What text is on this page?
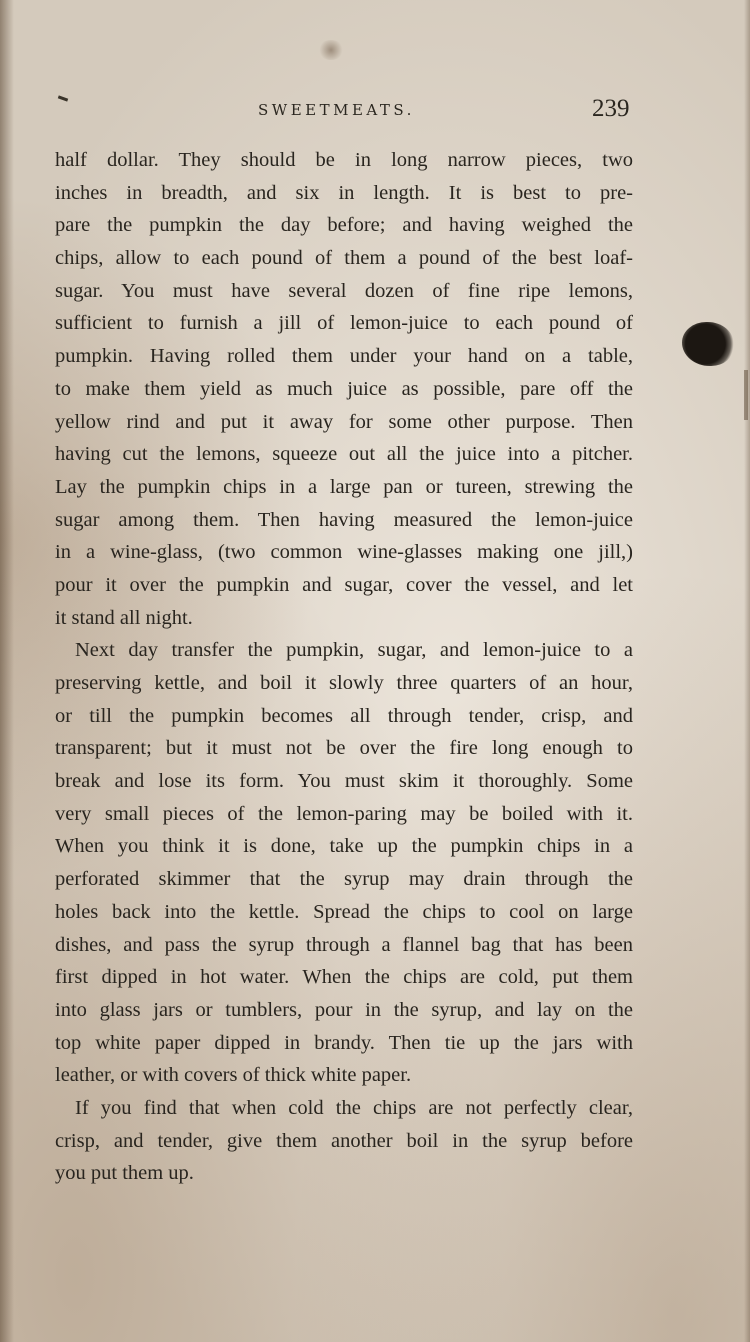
SWEETMEATS.	239

half dollar. They should be in long narrow pieces, two
inches in breadth, and six in length. It is best to pre-
pare the pumpkin the day before; and having weighed the
chips, allow to each pound of them a pound of the best loaf-
sugar. You must have several dozen of fine ripe lemons,
sufficient to furnish a jill of lemon-juice to each pound of
pumpkin. Having rolled them under your hand on a table,
to make them yield as much juice as possible, pare off the
yellow rind and put it away for some other purpose. Then
having cut the lemons, squeeze out all the juice into a pitcher.
Lay the pumpkin chips in a large pan or tureen, strewing the
sugar among them. Then having measured the lemon-juice
in a wine-glass, (two common wine-glasses making one jill,)
pour it over the pumpkin and sugar, cover the vessel, and let
it stand all night.

Next day transfer the pumpkin, sugar, and lemon-juice to a
preserving kettle, and boil it slowly three quarters of an hour,
or till the pumpkin becomes all through tender, crisp, and
transparent; but it must not be over the fire long enough to
break and lose its form. You must skim it thoroughly. Some
very small pieces of the lemon-paring may be boiled with it.
When you think it is done, take up the pumpkin chips in a
perforated skimmer that the syrup may drain through the
holes back into the kettle. Spread the chips to cool on large
dishes, and pass the syrup through a flannel bag that has been
first dipped in hot water. When the chips are cold, put them
into glass jars or tumblers, pour in the syrup, and lay on the
top white paper dipped in brandy. Then tie up the jars with
leather, or with covers of thick white paper.

If you find that when cold the chips are not perfectly clear,
crisp, and tender, give them another boil in the syrup before
you put them up.
